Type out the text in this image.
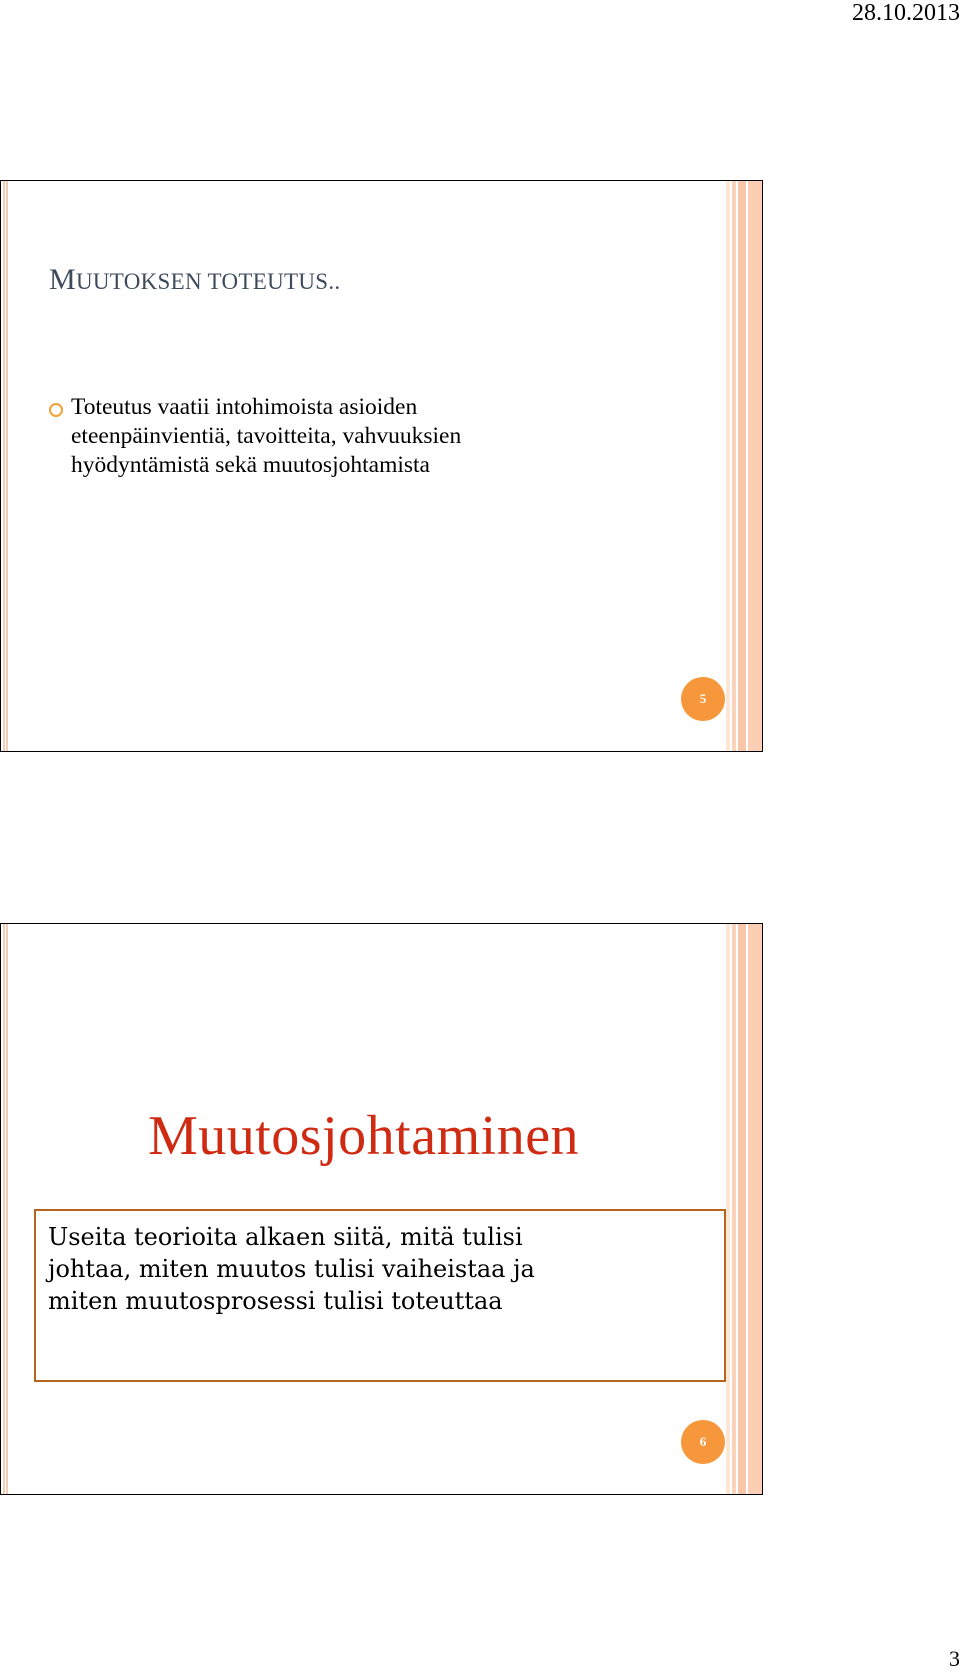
28.10.2013
MUUTOKSEN TOTEUTUS..

Toteutus vaatii intohimoista asioiden
eteenpäinvientiä, tavoitteita, vahvuuksien
hyödyntämistä sekä muutosjohtamista

5
Muutosjohtaminen

Useita teorioita alkaen siitä, mitä tulisi
johtaa, miten muutos tulisi vaiheistaa ja
miten muutosprosessi tulisi toteuttaa

6
3
